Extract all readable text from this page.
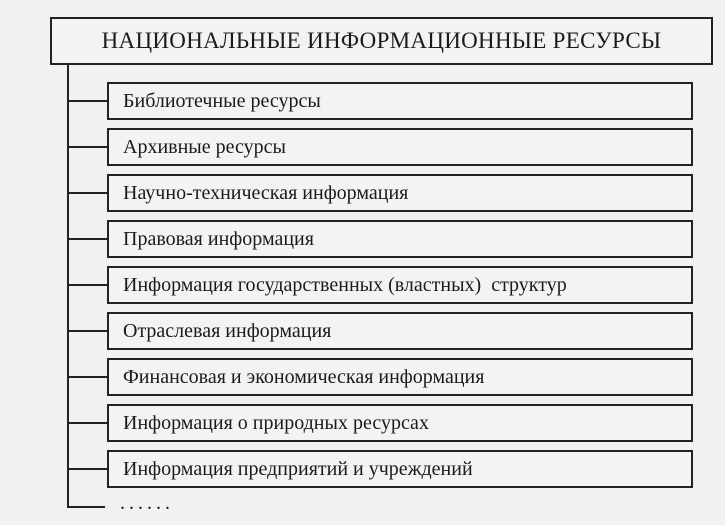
НАЦИОНАЛЬНЫЕ ИНФОРМАЦИОННЫЕ РЕСУРСЫ
Библиотечные ресурсы
Архивные ресурсы
Научно-техническая информация
Правовая информация
Информация государственных (властных)  структур
Отраслевая информация
Финансовая и экономическая информация
Информация о природных ресурсах
Информация предприятий и учреждений
......
